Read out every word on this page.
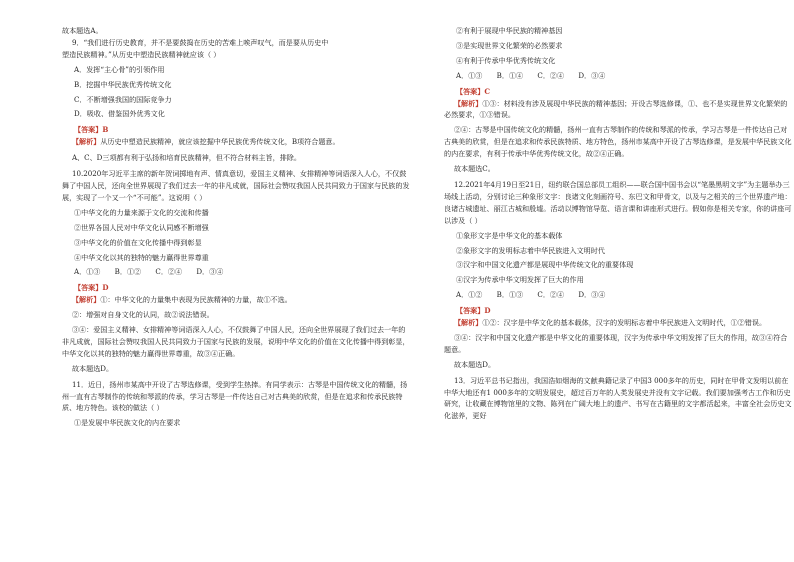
故本题选A。

9．“我们进行历史教育，并不是要鼓捣在历史的苦难上唉声叹气，而是要从历史中

塑造民族精神。”从历史中塑造民族精神就应该（ ）

A．发挥“主心骨”的引领作用

B．挖掘中华民族优秀传统文化

C．不断增强我国的国际竞争力

D．吸收、借鉴国外优秀文化

【答案】B

【解析】从历史中塑造民族精神，就应该挖掘中华民族优秀传统文化，B项符合题意。

A、C、D三项都有利于弘扬和培育民族精神，但不符合材料主旨，排除。

10.2020年习近平主席的新年贺词掷地有声、情真意切，爱国主义精神、女排精神等词语深入人心，不仅鼓舞了中国人民，还向全世界展现了我们过去一年的非凡成就，国际社会赞叹我国人民共同致力于国家与民族的发展，实现了一个又一个“不可能”。这说明（ ）

①中华文化的力量来源于文化的交流和传播

②世界各国人民对中华文化认同感不断增强

③中华文化的价值在文化传播中得到彰显

④中华文化以其的独特的魅力赢得世界尊重

A．①③ B．①② C．②④ D．③④

【答案】D

【解析】①：中华文化的力量集中表现为民族精神的力量，故①不选。

②：增强对自身文化的认同，故②说法错误。

③④：爱国主义精神、女排精神等词语深入人心，不仅鼓舞了中国人民，还向全世界展现了我们过去一年的非凡成就，国际社会赞叹我国人民共同致力于国家与民族的发展，说明中华文化的价值在文化传播中得到彰显，中华文化以其的独特的魅力赢得世界尊重，故③④正确。

故本题选D。

11．近日，扬州市某高中开设了古琴选修课，受到学生热捧。有同学表示：古琴是中国传统文化的精髓，扬州一直有古琴制作的传统和琴派的传承，学习古琴是一件传达自己对古典美的欣赏，但是在追求和传承民族特质、地方特色。该校的做法（ ）

①是发展中华民族文化的内在要求

②有利于展现中华民族的精神基因

③是实现世界文化繁荣的必然要求

④有利于传承中华优秀传统文化

A．①③ B．①④ C．②④ D．③④

【答案】C

【解析】①③：材料没有涉及展现中华民族的精神基因；开设古琴选修课，①、也不是实现世界文化繁荣的必然要求，①③错误。

②④：古琴是中国传统文化的精髓，扬州一直有古琴制作的传统和琴派的传承，学习古琴是一件传达自己对古典美的欣赏，但是在追求和传承民族特质、地方特色，扬州市某高中开设了古琴选修课，是发展中华民族文化的内在要求，有利于传承中华优秀传统文化，故②④正确。

故本题选C。

12.2021年4月19日至21日，纽约联合国总部员工组织——联合国中国书会以“笔墨黑明文字”为主题举办三场线上活动，分别讨论三种象形文字：良诸文化刻画符号、东巴文和甲骨文，以及与之相关的三个世界遗产地：良诸古城遗址、丽江古城和殷墟。活动以博物馆导览、语言课和讲座形式进行。假如你是相关专家，你的讲座可以涉及（ ）

①象形文字是中华文化的基本载体

②象形文字的发明标志着中华民族进入文明时代

③汉字和中国文化遗产都是展现中华传统文化的重要体现

④汉字为传承中华文明发挥了巨大的作用

A．①② B．①③ C．②④ D．③④

【答案】D

【解析】①②：汉字是中华文化的基本载体，汉字的发明标志着中华民族进入文明时代，①②错误。

③④：汉字和中国文化遗产都是中华文化的重要体现，汉字为传承中华文明发挥了巨大的作用，故③④符合题意。

故本题选D。

13．习近平总书记指出，我国浩如烟海的文献典籍记录了中国3 000多年的历史，同时在甲骨文发明以前在中华大地还有1 000多年的文明发展史，超过百万年的人类发展史并没有文字记载。我们要加强考古工作和历史研究，让收藏在博物馆里的文物、陈列在广阔大地上的遗产、书写在古籍里的文字都活起来，丰富全社会历史文化滋养，更好
